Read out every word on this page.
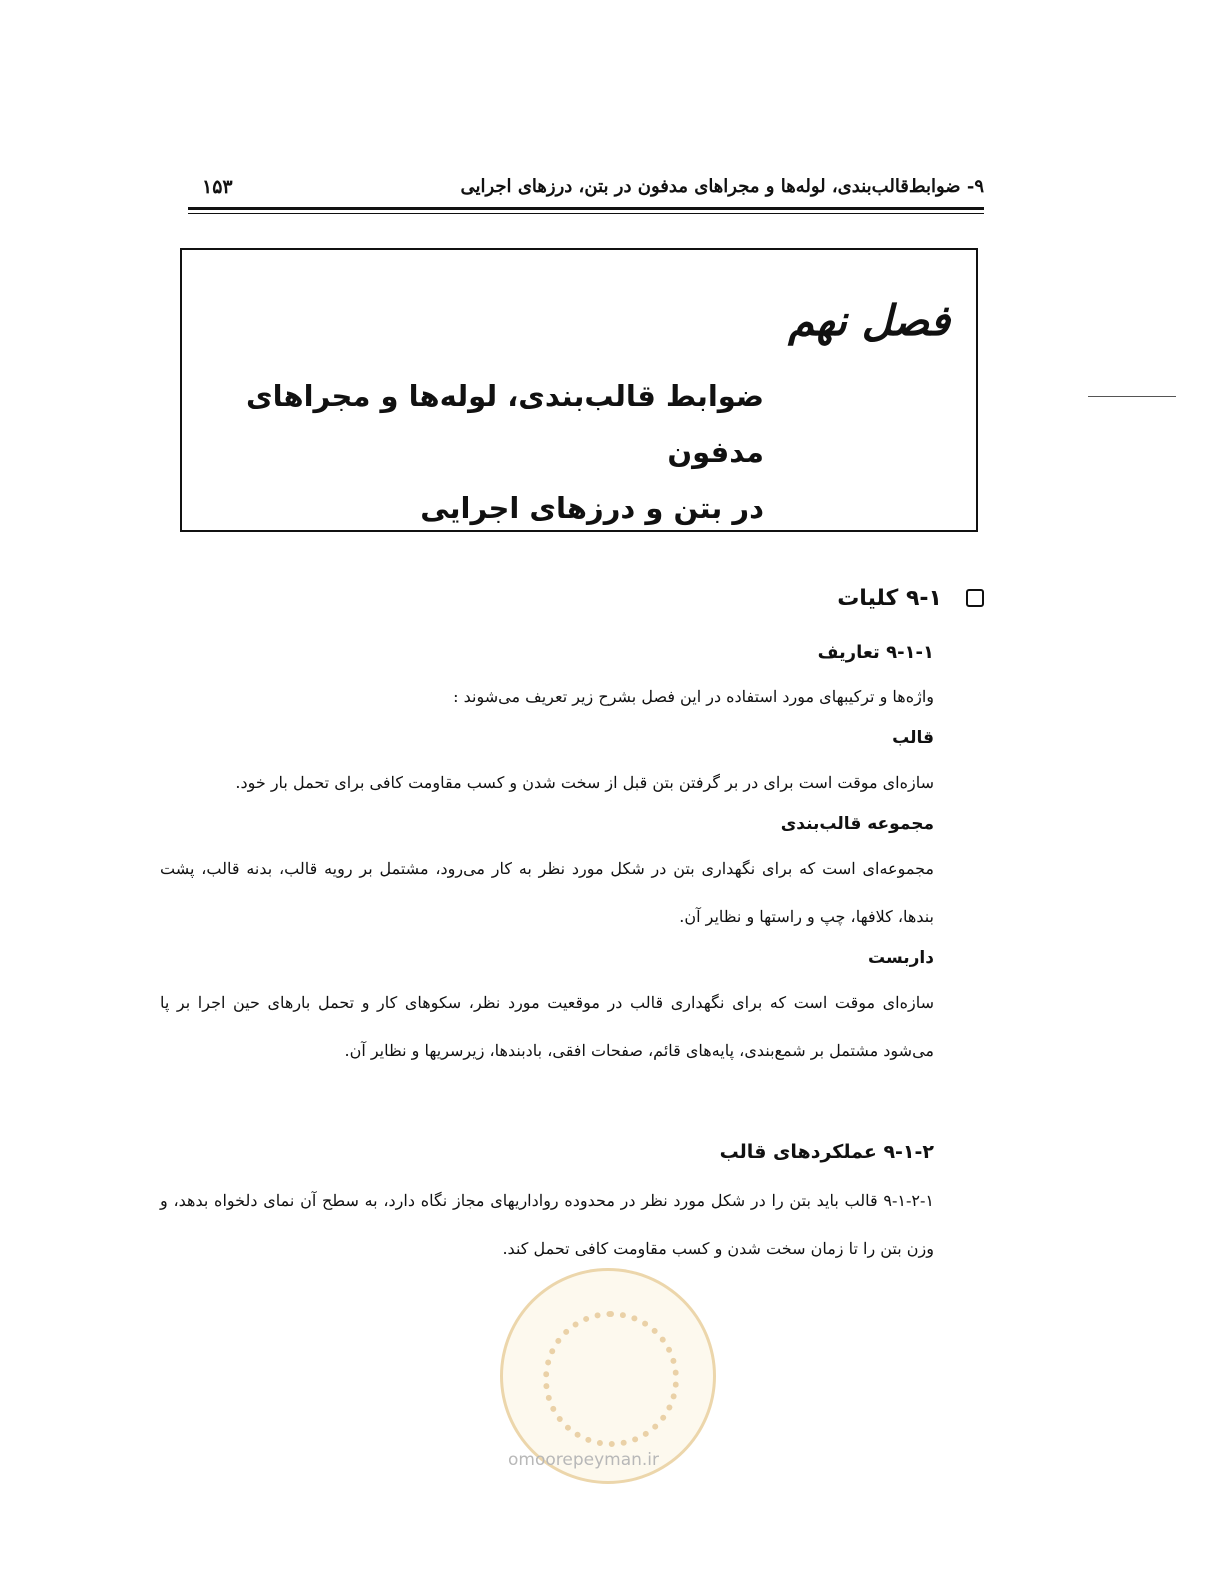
۹- ضوابط‌قالب‌بندی، لوله‌ها و مجراهای مدفون در بتن، درزهای اجرایی
۱۵۳
فصل نهم
ضوابط قالب‌بندی، لوله‌ها و مجراهای مدفون
در بتن و درزهای اجرایی
۹-۱ کلیات
۹-۱-۱ تعاریف
واژه‌ها و ترکیبهای مورد استفاده در این فصل بشرح زیر تعریف می‌شوند :
قالب
سازه‌ای موقت است برای در بر گرفتن بتن قبل از سخت شدن و کسب مقاومت کافی برای تحمل بار خود.
مجموعه قالب‌بندی
مجموعه‌ای است که برای نگهداری بتن در شکل مورد نظر به کار می‌رود، مشتمل بر رویه قالب، بدنه قالب، پشت بندها، کلافها، چپ و راستها و نظایر آن.
داربست
سازه‌ای موقت است که برای نگهداری قالب در موقعیت مورد نظر، سکوهای کار و تحمل بارهای حین اجرا بر پا می‌شود مشتمل بر شمع‌بندی، پایه‌های قائم، صفحات افقی، بادبندها، زیرسریها و نظایر آن.
۹-۱-۲ عملکردهای قالب
۹-۱-۲-۱ قالب باید بتن را در شکل مورد نظر در محدوده رواداریهای مجاز نگاه دارد، به سطح آن نمای دلخواه بدهد، و وزن بتن را تا زمان سخت شدن و کسب مقاومت کافی تحمل کند.
omoorepeyman.ir
